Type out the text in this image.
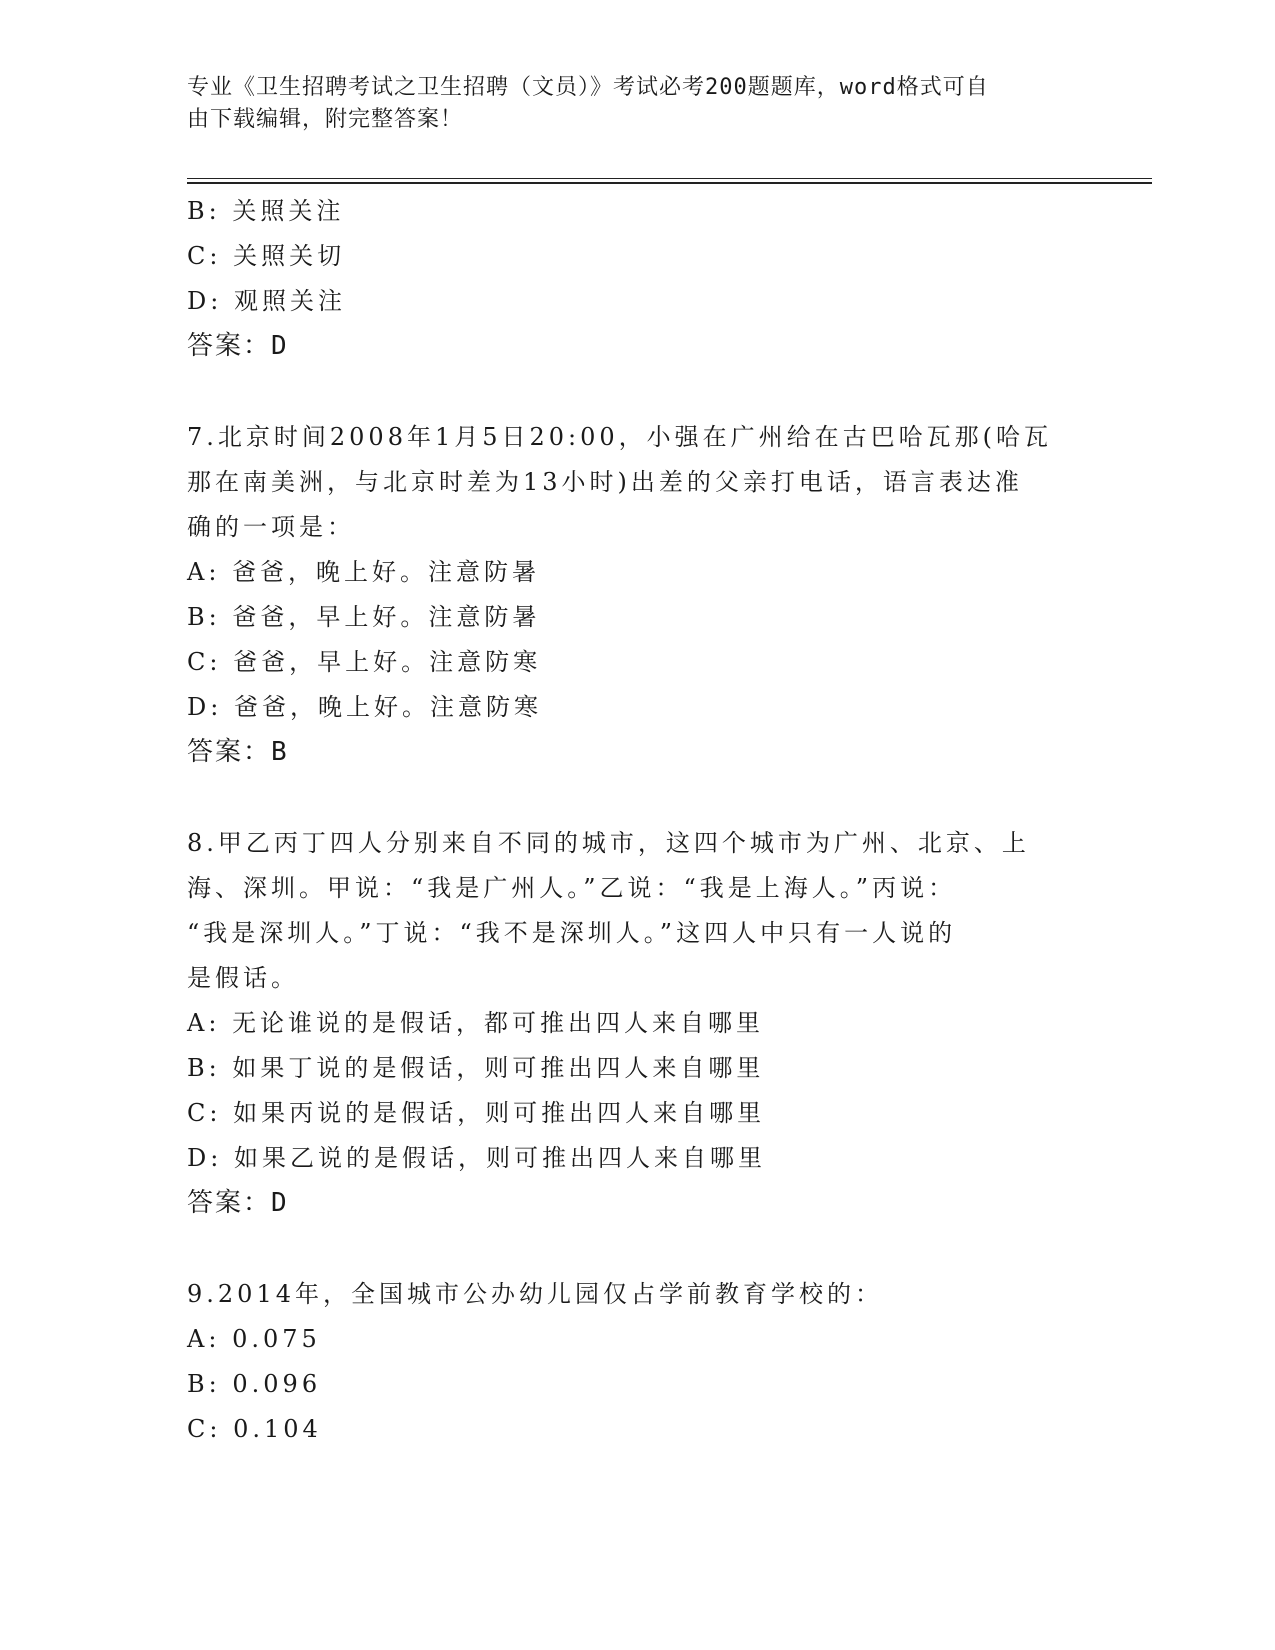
专业《卫生招聘考试之卫生招聘（文员）》考试必考200题题库，word格式可自
由下载编辑，附完整答案！
B: 关照关注
C: 关照关切
D: 观照关注
答案：D
7.北京时间2008年1月5日20:00，小强在广州给在古巴哈瓦那(哈瓦
那在南美洲，与北京时差为13小时)出差的父亲打电话，语言表达准
确的一项是：
A: 爸爸，晚上好。注意防暑
B: 爸爸，早上好。注意防暑
C: 爸爸，早上好。注意防寒
D: 爸爸，晚上好。注意防寒
答案：B
8.甲乙丙丁四人分别来自不同的城市，这四个城市为广州、北京、上
海、深圳。甲说：“我是广州人。”乙说：“我是上海人。”丙说：
“我是深圳人。”丁说：“我不是深圳人。”这四人中只有一人说的
是假话。
A: 无论谁说的是假话，都可推出四人来自哪里
B: 如果丁说的是假话，则可推出四人来自哪里
C: 如果丙说的是假话，则可推出四人来自哪里
D: 如果乙说的是假话，则可推出四人来自哪里
答案：D
9.2014年，全国城市公办幼儿园仅占学前教育学校的：
A: 0.075
B: 0.096
C: 0.104
